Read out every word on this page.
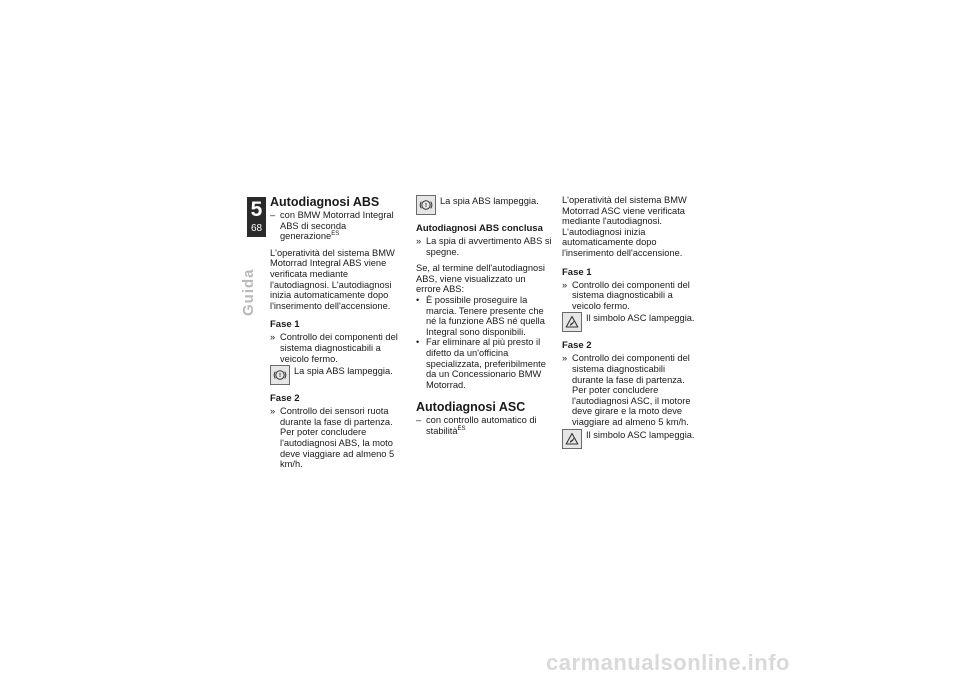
5
68
Guida
Autodiagnosi ABS
– con BMW Motorrad Integral ABS di seconda generazione$^{ES}$

L'operatività del sistema BMW Motorrad Integral ABS viene verificata mediante l'autodiagnosi. L'autodiagnosi inizia automaticamente dopo l'inserimento dell'accensione.

Fase 1
» Controllo dei componenti del sistema diagnosticabili a veicolo fermo.
! La spia ABS lampeggia.
Fase 2
» Controllo dei sensori ruota durante la fase di partenza. Per poter concludere l'autodiagnosi ABS, la moto deve viaggiare ad almeno 5 km/h.
! La spia ABS lampeggia.
Autodiagnosi ABS conclusa
» La spia di avvertimento ABS si spegne.

Se, al termine dell'autodiagnosi ABS, viene visualizzato un errore ABS:

• È possibile proseguire la marcia. Tenere presente che né la funzione ABS né quella Integral sono disponibili.
• Far eliminare al più presto il difetto da un'officina specializzata, preferibilmente da un Concessionario BMW Motorrad.
Autodiagnosi ASC
– con controllo automatico di stabilità$^{ES}$

L'operatività del sistema BMW Motorrad ASC viene verificata mediante l'autodiagnosi. L'autodiagnosi inizia automaticamente dopo l'inserimento dell'accensione.

Fase 1
» Controllo dei componenti del sistema diagnosticabili a veicolo fermo.
Il simbolo ASC lampeggia.
Fase 2
» Controllo dei componenti del sistema diagnosticabili durante la fase di partenza. Per poter concludere l'autodiagnosi ASC, il motore deve girare e la moto deve viaggiare ad almeno 5 km/h.
Il simbolo ASC lampeggia.
carmanualsonline.info
